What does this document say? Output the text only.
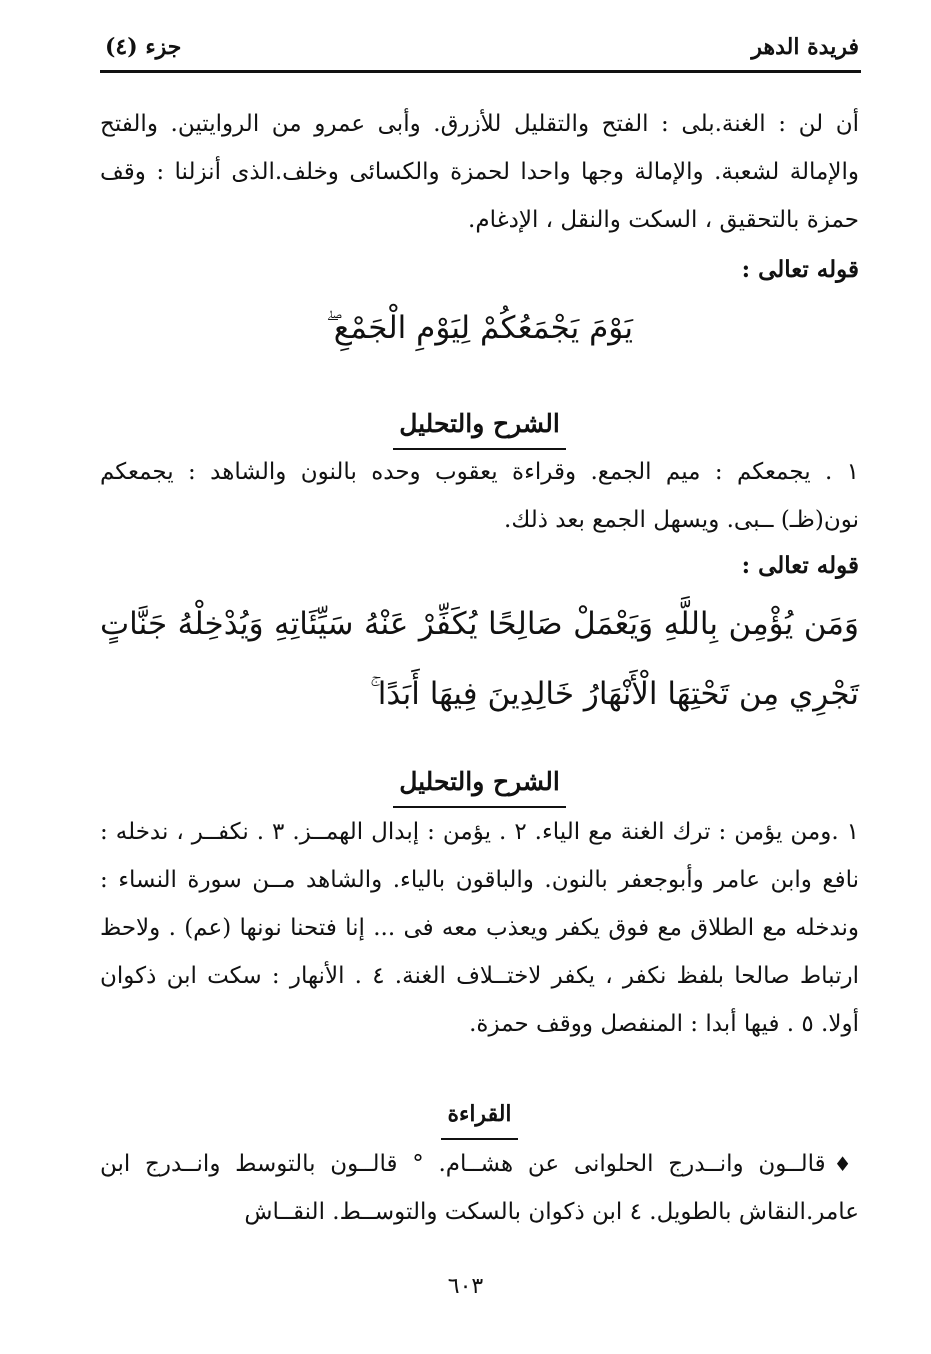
فريدة الدهر
جزء (٤)
أن لن : الغنة.بلى : الفتح والتقليل للأزرق. وأبى عمرو من الروايتين. والفتح والإمالة لشعبة. والإمالة وجها واحدا لحمزة والكسائى وخلف.الذى أنزلنا : وقف حمزة بالتحقيق ، السكت والنقل ، الإدغام.
قوله تعالى :
يَوْمَ يَجْمَعُكُمْ لِيَوْمِ الْجَمْعِ ۖ
الشرح والتحليل
١ . يجمعكم : ميم الجمع. وقراءة يعقوب وحده بالنون والشاهد : يجمعكم نون(ظـ) ــبى. ويسهل الجمع بعد ذلك.
قوله تعالى :
وَمَن يُؤْمِن بِاللَّهِ وَيَعْمَلْ صَالِحًا يُكَفِّرْ عَنْهُ سَيِّئَاتِهِ وَيُدْخِلْهُ جَنَّاتٍ
تَجْرِي مِن تَحْتِهَا الْأَنْهَارُ خَالِدِينَ فِيهَا أَبَدًا ۚ
الشرح والتحليل
١ .ومن يؤمن : ترك الغنة مع الياء. ٢ . يؤمن : إبدال الهمــز. ٣ . نكفــر ، ندخله : نافع وابن عامر وأبوجعفر بالنون. والباقون بالياء. والشاهد مــن سورة النساء : وندخله مع الطلاق مع فوق يكفر ويعذب معه فى ... إنا فتحنا نونها (عم) . ولاحظ ارتباط صالحا بلفظ نكفر ، يكفر لاختــلاف الغنة. ٤ . الأنهار : سكت ابن ذكوان أولا. ٥ . فيها أبدا : المنفصل ووقف حمزة.
القراءة
♦قالــون وانــدرج الحلوانى عن هشــام. ° قالــون بالتوسط وانــدرج ابن عامر.النقاش بالطويل. ٤ ابن ذكوان بالسكت والتوســط. النقــاش
٦٠٣
